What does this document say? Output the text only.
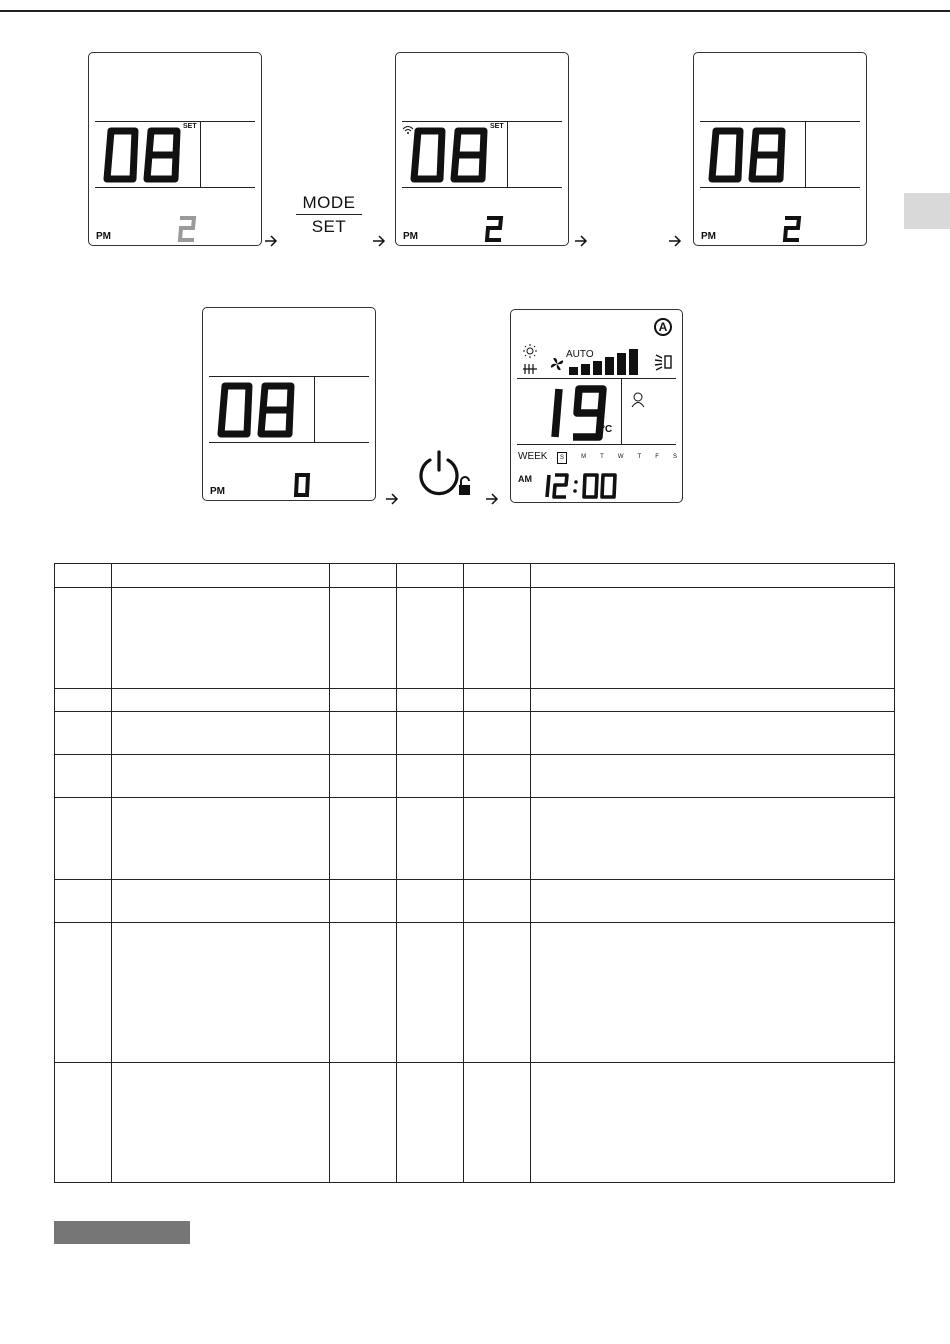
SET
PM
MODE
SET
SET
PM	PM
PM
A
AUTO
°C
WEEK	S	M T W T F S
AM
